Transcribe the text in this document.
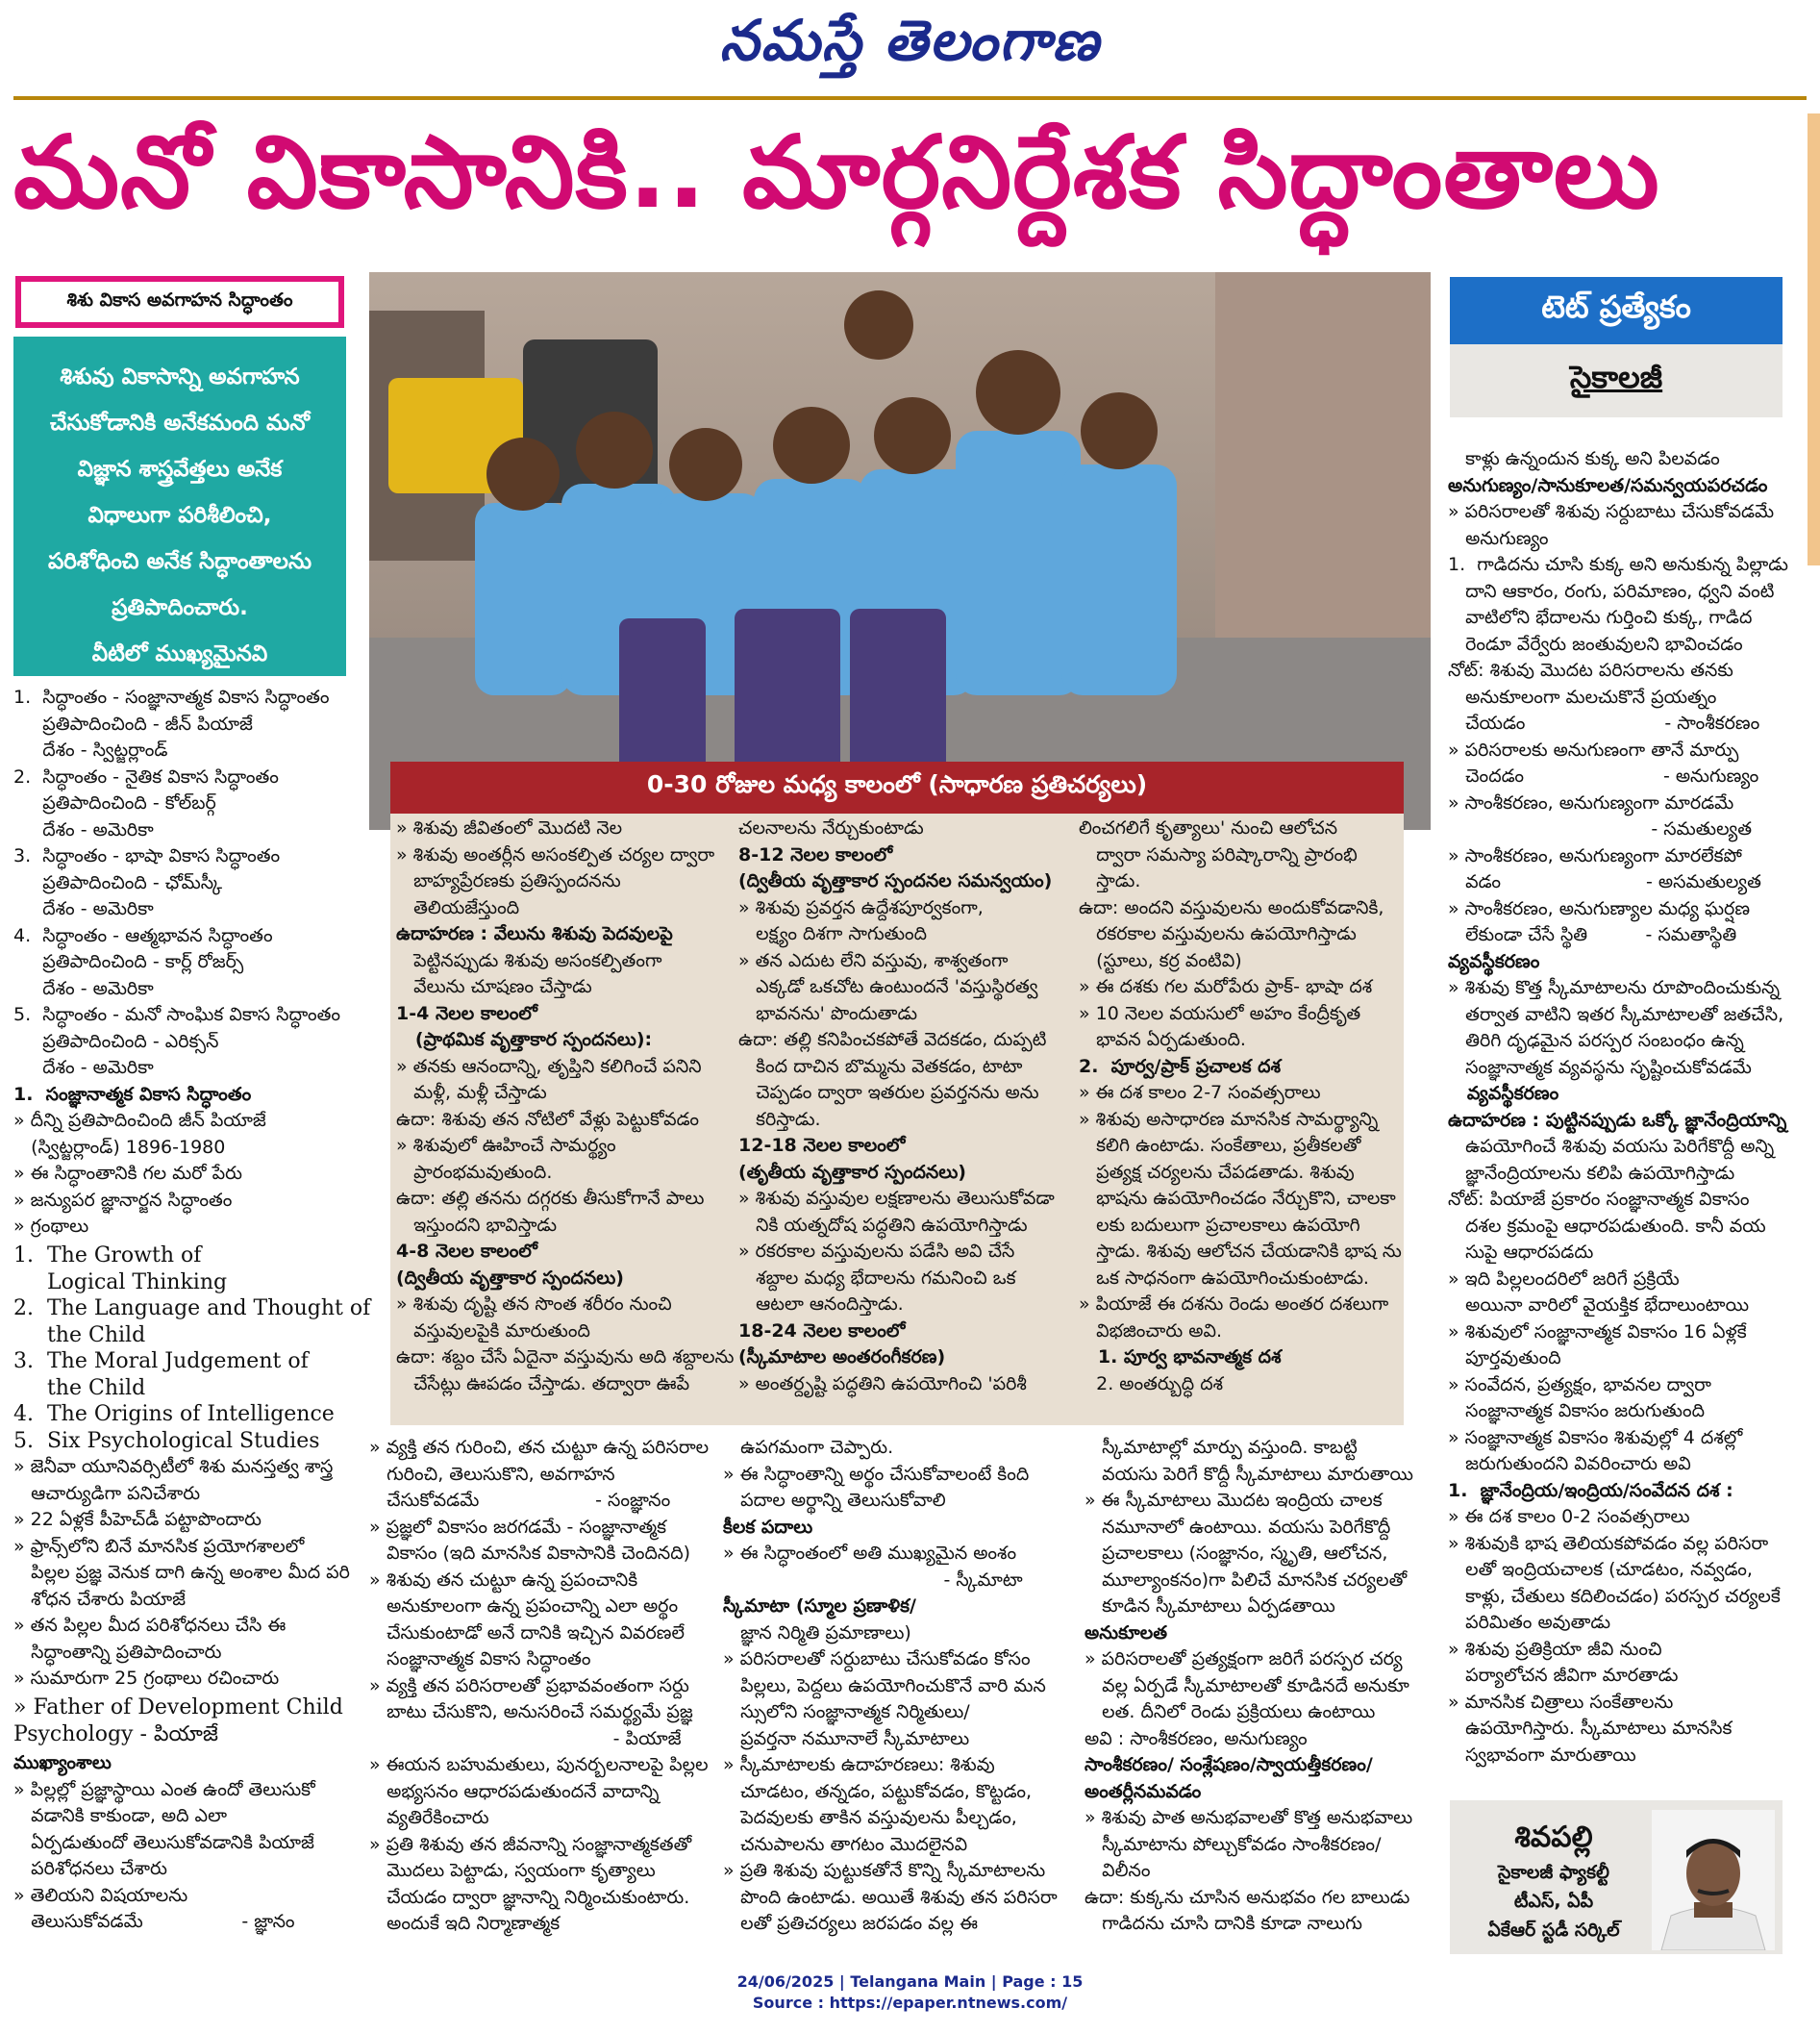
నమస్తే తెలంగాణ
మనో వికాసానికి.. మార్గనిర్దేశక సిద్ధాంతాలు
శిశు వికాస అవగాహన సిద్ధాంతం
శిశువు వికాసాన్ని అవగాహన
చేసుకోడానికి అనేకమంది మనో
విజ్ఞాన శాస్త్రవేత్తలు అనేక
విధాలుగా పరిశీలించి,
పరిశోధించి అనేక సిద్ధాంతాలను
ప్రతిపాదించారు.
వీటిలో ముఖ్యమైనవి

1.  సిద్ధాంతం - సంజ్ఞానాత్మక వికాస సిద్ధాంతం

ప్రతిపాదించింది - జీన్ పియాజే

దేశం - స్విట్జర్లాండ్

2.  సిద్ధాంతం - నైతిక వికాస సిద్ధాంతం

ప్రతిపాదించింది - కోల్‌బర్గ్

దేశం - అమెరికా

3.  సిద్ధాంతం - భాషా వికాస సిద్ధాంతం

ప్రతిపాదించింది - ఛోమ్‌స్కీ

దేశం - అమెరికా

4.  సిద్ధాంతం - ఆత్మభావన సిద్ధాంతం

ప్రతిపాదించింది - కార్ల్ రోజర్స్

దేశం - అమెరికా

5.  సిద్ధాంతం - మనో సాంఘిక వికాస సిద్ధాంతం

ప్రతిపాదించింది - ఎరిక్సన్

దేశం - అమెరికా

1.  సంజ్ఞానాత్మక వికాస సిద్ధాంతం

» దీన్ని ప్రతిపాదించింది జీన్ పియాజే

(స్విట్జర్లాండ్) 1896-1980

» ఈ సిద్ధాంతానికి గల మరో పేరు

» జన్యుపర జ్ఞానార్జన సిద్ధాంతం

» గ్రంథాలు

1.  The Growth of

Logical Thinking

2.  The Language and Thought of

the Child

3.  The Moral Judgement of

the Child

4.  The Origins of Intelligence

5.  Six Psychological Studies

» జెనీవా యూనివర్సిటీలో శిశు మనస్తత్వ శాస్త్ర

ఆచార్యుడిగా పనిచేశారు

» 22 ఏళ్లకే పీహెచ్‌డీ పట్టాపొందారు

» ఫ్రాన్స్‌లోని బినే మానసిక ప్రయోగశాలలో

పిల్లల ప్రజ్ఞ వెనుక దాగి ఉన్న అంశాల మీద పరి

శోధన చేశారు పియాజే

» తన పిల్లల మీద పరిశోధనలు చేసి ఈ

సిద్ధాంతాన్ని ప్రతిపాదించారు

» సుమారుగా 25 గ్రంథాలు రచించారు

» Father of Development Child

Psychology - పియాజే

ముఖ్యాంశాలు

» పిల్లల్లో ప్రజ్ఞాస్థాయి ఎంత ఉందో తెలుసుకో

వడానికి కాకుండా, అది ఎలా

ఏర్పడుతుందో తెలుసుకోవడానికి పియాజే

పరిశోధనలు చేశారు

» తెలియని విషయాలను

తెలుసుకోవడమే                 - జ్ఞానం

0-30 రోజుల మధ్య కాలంలో (సాధారణ ప్రతిచర్యలు)

» శిశువు జీవితంలో మొదటి నెల

» శిశువు అంతర్లీన అసంకల్పిత చర్యల ద్వారా

బాహ్యప్రేరణకు ప్రతిస్పందనను

తెలియజేస్తుంది

ఉదాహరణ : వేలును శిశువు పెదవులపై

పెట్టినప్పుడు శిశువు అసంకల్పితంగా

వేలును చూషణం చేస్తాడు

1-4 నెలల కాలంలో

(ప్రాథమిక వృత్తాకార స్పందనలు):

» తనకు ఆనందాన్ని, తృప్తిని కలిగించే పనిని

మళ్లీ, మళ్లీ చేస్తాడు

ఉదా: శిశువు తన నోటిలో వేళ్లు పెట్టుకోవడం

» శిశువులో ఊహించే సామర్థ్యం

ప్రారంభమవుతుంది.

ఉదా: తల్లి తనను దగ్గరకు తీసుకోగానే పాలు

ఇస్తుందని భావిస్తాడు

4-8 నెలల కాలంలో

(ద్వితీయ వృత్తాకార స్పందనలు)

» శిశువు దృష్టి తన సొంత శరీరం నుంచి

వస్తువులపైకి మారుతుంది

ఉదా: శబ్దం చేసే ఏదైనా వస్తువును అది శబ్దాలను

చేసేట్లు ఊపడం చేస్తాడు. తద్వారా ఊపే

చలనాలను నేర్చుకుంటాడు

8-12 నెలల కాలంలో

(ద్వితీయ వృత్తాకార స్పందనల సమన్వయం)

» శిశువు ప్రవర్తన ఉద్దేశపూర్వకంగా,

లక్ష్యం దిశగా సాగుతుంది

» తన ఎదుట లేని వస్తువు, శాశ్వతంగా

ఎక్కడో ఒకచోట ఉంటుందనే 'వస్తుస్థిరత్వ

భావనను' పొందుతాడు

ఉదా: తల్లి కనిపించకపోతే వెదకడం, దుప్పటి

కింద దాచిన బొమ్మను వెతకడం, టాటా

చెప్పడం ద్వారా ఇతరుల ప్రవర్తనను అను

కరిస్తాడు.

12-18 నెలల కాలంలో

(తృతీయ వృత్తాకార స్పందనలు)

» శిశువు వస్తువుల లక్షణాలను తెలుసుకోవడా

నికి యత్నదోష పద్ధతిని ఉపయోగిస్తాడు

» రకరకాల వస్తువులను పడేసి అవి చేసే

శబ్దాల మధ్య భేదాలను గమనించి ఒక

ఆటలా ఆనందిస్తాడు.

18-24 నెలల కాలంలో

(స్కీమాటాల అంతరంగీకరణ)

» అంతర్దృష్టి పద్ధతిని ఉపయోగించి 'పరిశీ

లించగలిగే కృత్యాలు' నుంచి ఆలోచన

ద్వారా సమస్యా పరిష్కారాన్ని ప్రారంభి

స్తాడు.

ఉదా: అందని వస్తువులను అందుకోవడానికి,

రకరకాల వస్తువులను ఉపయోగిస్తాడు

(స్టూలు, కర్ర వంటివి)

» ఈ దశకు గల మరోపేరు ప్రాక్- భాషా దశ

» 10 నెలల వయసులో అహం కేంద్రీకృత

భావన ఏర్పడుతుంది.

2.  పూర్వ/ప్రాక్ ప్రచాలక దశ

» ఈ దశ కాలం 2-7 సంవత్సరాలు

» శిశువు అసాధారణ మానసిక సామర్థ్యాన్ని

కలిగి ఉంటాడు. సంకేతాలు, ప్రతీకలతో

ప్రత్యక్ష చర్యలను చేపడతాడు. శిశువు

భాషను ఉపయోగించడం నేర్చుకొని, చాలకా

లకు బదులుగా ప్రచాలకాలు ఉపయోగి

స్తాడు. శిశువు ఆలోచన చేయడానికి భాష ను

ఒక సాధనంగా ఉపయోగించుకుంటాడు.

» పియాజే ఈ దశను రెండు అంతర దశలుగా

విభజించారు అవి.

1. పూర్వ భావనాత్మక దశ

2. అంతర్బుద్ధి దశ

» వ్యక్తి తన గురించి, తన చుట్టూ ఉన్న పరిసరాల

గురించి, తెలుసుకొని, అవగాహన

చేసుకోవడమే                    - సంజ్ఞానం

» ప్రజ్ఞలో వికాసం జరగడమే - సంజ్ఞానాత్మక

వికాసం (ఇది మానసిక వికాసానికి చెందినది)

» శిశువు తన చుట్టూ ఉన్న ప్రపంచానికి

అనుకూలంగా ఉన్న ప్రపంచాన్ని ఎలా అర్థం

చేసుకుంటాడో అనే దానికి ఇచ్చిన వివరణలే

సంజ్ఞానాత్మక వికాస సిద్ధాంతం

» వ్యక్తి తన పరిసరాలతో ప్రభావవంతంగా సర్దు

బాటు చేసుకొని, అనుసరించే సమర్థ్యమే ప్రజ్ఞ

- పియాజే

» ఈయన బహుమతులు, పునర్బలనాలపై పిల్లల

అభ్యసనం ఆధారపడుతుందనే వాదాన్ని

వ్యతిరేకించారు

» ప్రతి శిశువు తన జీవనాన్ని సంజ్ఞానాత్మకతతో

మొదలు పెట్టాడు, స్వయంగా కృత్యాలు

చేయడం ద్వారా జ్ఞానాన్ని నిర్మించుకుంటారు.

అందుకే ఇది నిర్మాణాత్మక

ఉపగమంగా చెప్పారు.

» ఈ సిద్ధాంతాన్ని అర్థం చేసుకోవాలంటే కింది

పదాల అర్థాన్ని తెలుసుకోవాలి

కీలక పదాలు

» ఈ సిద్ధాంతంలో అతి ముఖ్యమైన అంశం

- స్కీమాటా

స్కీమాటా (స్మూల ప్రణాళిక/

జ్ఞాన నిర్మితి ప్రమాణాలు)

» పరిసరాలతో సర్దుబాటు చేసుకోవడం కోసం

పిల్లలు, పెద్దలు ఉపయోగించుకొనే వారి మన

స్సులోని సంజ్ఞానాత్మక నిర్మితులు/

ప్రవర్తనా నమూనాలే స్కీమాటాలు

» స్కీమాటాలకు ఉదాహరణలు: శిశువు

చూడటం, తన్నడం, పట్టుకోవడం, కొట్టడం,

పెదవులకు తాకిన వస్తువులను పీల్చడం,

చనుపాలను తాగటం మొదలైనవి

» ప్రతి శిశువు పుట్టుకతోనే కొన్ని స్కీమాటాలను

పొంది ఉంటాడు. అయితే శిశువు తన పరిసరా

లతో ప్రతిచర్యలు జరపడం వల్ల ఈ

స్కీమాటాల్లో మార్పు వస్తుంది. కాబట్టి

వయసు పెరిగే కొద్దీ స్కీమాటాలు మారుతాయి

» ఈ స్కీమాటాలు మొదట ఇంద్రియ చాలక

నమూనాలో ఉంటాయి. వయసు పెరిగేకొద్దీ

ప్రచాలకాలు (సంజ్ఞానం, స్మృతి, ఆలోచన,

మూల్యాంకనం)గా పిలిచే మానసిక చర్యలతో

కూడిన స్కీమాటాలు ఏర్పడతాయి

అనుకూలత

» పరిసరాలతో ప్రత్యక్షంగా జరిగే పరస్పర చర్య

వల్ల ఏర్పడే స్కీమాటాలతో కూడినదే అనుకూ

లత. దీనిలో రెండు ప్రక్రియలు ఉంటాయి

అవి : సాంశీకరణం, అనుగుణ్యం

సాంశీకరణం/ సంశ్లేషణం/స్వాయత్తీకరణం/

అంతర్లీనమవడం

» శిశువు పాత అనుభవాలతో కొత్త అనుభవాలు

స్కీమాటాను పోల్చుకోవడం సాంశీకరణం/

విలీనం

ఉదా: కుక్కను చూసిన అనుభవం గల బాలుడు

గాడిదను చూసి దానికి కూడా నాలుగు

టెట్ ప్రత్యేకం
సైకాలజీ

కాళ్లు ఉన్నందున కుక్క అని పిలవడం

అనుగుణ్యం/సానుకూలత/సమన్వయపరచడం

» పరిసరాలతో శిశువు సర్దుబాటు చేసుకోవడమే

అనుగుణ్యం

1.  గాడిదను చూసి కుక్క అని అనుకున్న పిల్లాడు

దాని ఆకారం, రంగు, పరిమాణం, ధ్వని వంటి

వాటిలోని భేదాలను గుర్తించి కుక్క, గాడిద

రెండూ వేర్వేరు జంతువులని భావించడం

నోట్: శిశువు మొదట పరిసరాలను తనకు

అనుకూలంగా మలచుకొనే ప్రయత్నం

చేయడం                        - సాంశీకరణం

» పరిసరాలకు అనుగుణంగా తానే మార్పు

చెందడం                        - అనుగుణ్యం

» సాంశీకరణం, అనుగుణ్యంగా మారడమే

- సమతుల్యత

» సాంశీకరణం, అనుగుణ్యంగా మారలేకపో

వడం                         - అసమతుల్యత

» సాంశీకరణం, అనుగుణ్యాల మధ్య ఘర్షణ

లేకుండా చేసే స్థితి          - సమతాస్థితి

వ్యవస్థీకరణం

» శిశువు కొత్త స్కీమాటాలను రూపొందించుకున్న

తర్వాత వాటిని ఇతర స్కీమాటాలతో జతచేసి,

తిరిగి దృఢమైన పరస్పర సంబంధం ఉన్న

సంజ్ఞానాత్మక వ్యవస్థను సృష్టించుకోవడమే

వ్యవస్థీకరణం

ఉదాహరణ : పుట్టినప్పుడు ఒక్కో జ్ఞానేంద్రియాన్ని

ఉపయోగించే శిశువు వయసు పెరిగేకొద్దీ అన్ని

జ్ఞానేంద్రియాలను కలిపి ఉపయోగిస్తాడు

నోట్: పియాజే ప్రకారం సంజ్ఞానాత్మక వికాసం

దశల క్రమంపై ఆధారపడుతుంది. కానీ వయ

సుపై ఆధారపడదు

» ఇది పిల్లలందరిలో జరిగే ప్రక్రియే

అయినా వారిలో వైయక్తిక భేదాలుంటాయి

» శిశువులో సంజ్ఞానాత్మక వికాసం 16 ఏళ్లకే

పూర్తవుతుంది

» సంవేదన, ప్రత్యక్షం, భావనల ద్వారా

సంజ్ఞానాత్మక వికాసం జరుగుతుంది

» సంజ్ఞానాత్మక వికాసం శిశువుల్లో 4 దశల్లో

జరుగుతుందని వివరించారు అవి

1.  జ్ఞానేంద్రియ/ఇంద్రియ/సంవేదన దశ :

» ఈ దశ కాలం 0-2 సంవత్సరాలు

» శిశువుకి భాష తెలియకపోవడం వల్ల పరిసరా

లతో ఇంద్రియచాలక (చూడటం, నవ్వడం,

కాళ్లు, చేతులు కదిలించడం) పరస్పర చర్యలకే

పరిమితం అవుతాడు

» శిశువు ప్రతిక్రియా జీవి నుంచి

పర్యాలోచన జీవిగా మారతాడు

» మానసిక చిత్రాలు సంకేతాలను

ఉపయోగిస్తారు. స్కీమాటాలు మానసిక

స్వభావంగా మారుతాయి

శివపల్లి
సైకాలజీ ఫ్యాకల్టీ
టీఎస్, ఏపీ
ఏకేఆర్ స్టడీ సర్కిల్
24/06/2025 | Telangana Main | Page : 15
Source : https://epaper.ntnews.com/
